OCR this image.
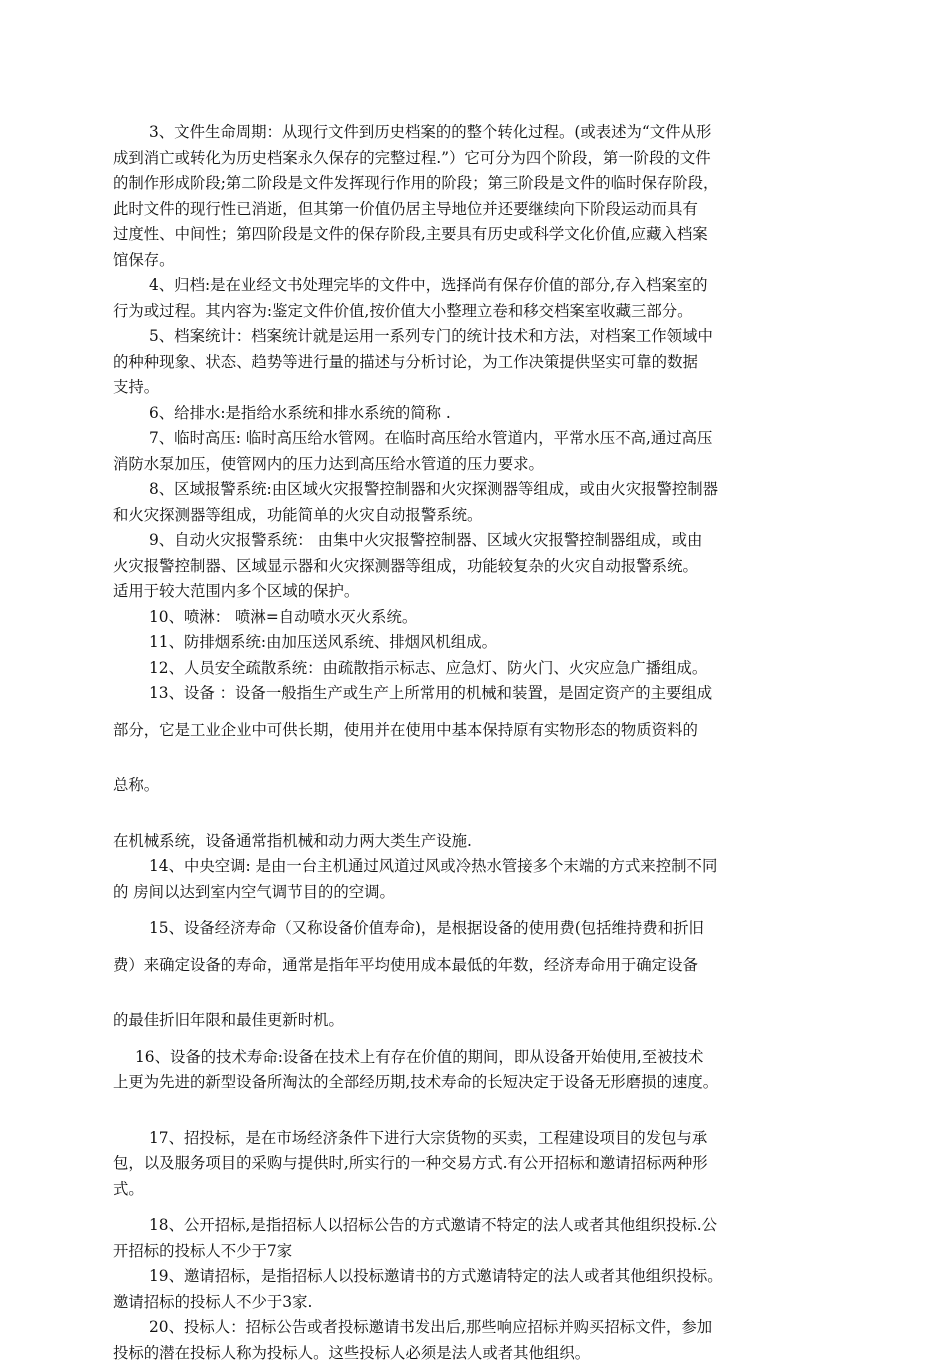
3、文件生命周期：从现行文件到历史档案的的整个转化过程。(或表述为“文件从形
成到消亡或转化为历史档案永久保存的完整过程.”）它可分为四个阶段，第一阶段的文件
的制作形成阶段;第二阶段是文件发挥现行作用的阶段；第三阶段是文件的临时保存阶段，
此时文件的现行性已消逝，但其第一价值仍居主导地位并还要继续向下阶段运动而具有
过度性、中间性；第四阶段是文件的保存阶段,主要具有历史或科学文化价值,应藏入档案
馆保存。
4、归档:是在业经文书处理完毕的文件中，选择尚有保存价值的部分,存入档案室的
行为或过程。其内容为:鉴定文件价值,按价值大小整理立卷和移交档案室收藏三部分。
5、档案统计：档案统计就是运用一系列专门的统计技术和方法，对档案工作领域中
的种种现象、状态、趋势等进行量的描述与分析讨论，为工作决策提供坚实可靠的数据
支持。
6、给排水:是指给水系统和排水系统的简称 .
7、临时高压: 临时高压给水管网。在临时高压给水管道内，平常水压不高,通过高压
消防水泵加压，使管网内的压力达到高压给水管道的压力要求。
8、区域报警系统:由区域火灾报警控制器和火灾探测器等组成，或由火灾报警控制器
和火灾探测器等组成，功能简单的火灾自动报警系统。
9、自动火灾报警系统： 由集中火灾报警控制器、区域火灾报警控制器组成，或由
火灾报警控制器、区域显示器和火灾探测器等组成，功能较复杂的火灾自动报警系统。
适用于较大范围内多个区域的保护。
10、喷淋： 喷淋=自动喷水灭火系统。
11、防排烟系统:由加压送风系统、排烟风机组成。
12、人员安全疏散系统：由疏散指示标志、应急灯、防火门、火灾应急广播组成。
13、设备 ：设备一般指生产或生产上所常用的机械和装置，是固定资产的主要组成
部分，它是工业企业中可供长期，使用并在使用中基本保持原有实物形态的物质资料的
总称。
在机械系统，设备通常指机械和动力两大类生产设施.
14、中央空调: 是由一台主机通过风道过风或冷热水管接多个末端的方式来控制不同
的 房间以达到室内空气调节目的的空调。
15、设备经济寿命（又称设备价值寿命)，是根据设备的使用费(包括维持费和折旧
费）来确定设备的寿命，通常是指年平均使用成本最低的年数，经济寿命用于确定设备
的最佳折旧年限和最佳更新时机。
16、设备的技术寿命:设备在技术上有存在价值的期间，即从设备开始使用,至被技术
上更为先进的新型设备所淘汰的全部经历期,技术寿命的长短决定于设备无形磨损的速度。
17、招投标，是在市场经济条件下进行大宗货物的买卖，工程建设项目的发包与承
包，以及服务项目的采购与提供时,所实行的一种交易方式.有公开招标和邀请招标两种形
式。
18、公开招标,是指招标人以招标公告的方式邀请不特定的法人或者其他组织投标.公
开招标的投标人不少于7家
19、邀请招标，是指招标人以投标邀请书的方式邀请特定的法人或者其他组织投标。
邀请招标的投标人不少于3家.
20、投标人：招标公告或者投标邀请书发出后,那些响应招标并购买招标文件，参加
投标的潜在投标人称为投标人。这些投标人必须是法人或者其他组织。
